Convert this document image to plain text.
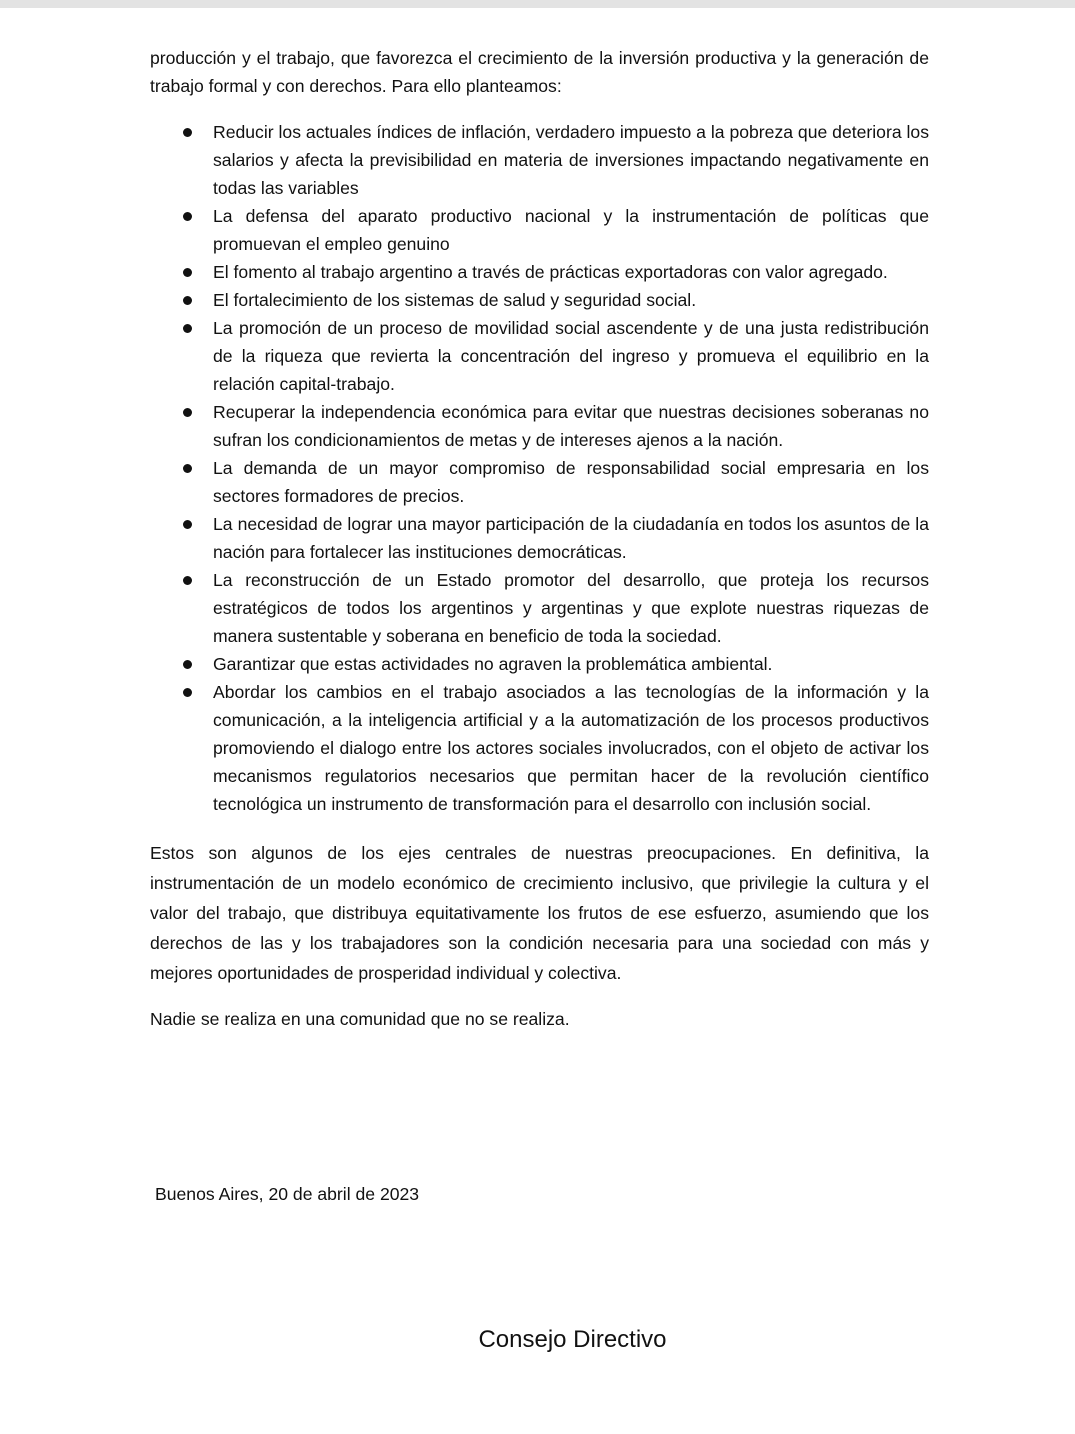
producción y el trabajo, que favorezca el crecimiento de la inversión productiva y la generación de trabajo formal y con derechos. Para ello planteamos:

Reducir los actuales índices de inflación, verdadero impuesto a la pobreza que deteriora los salarios y afecta la previsibilidad en materia de inversiones impactando negativamente en todas las variables
La defensa del aparato productivo nacional y la instrumentación de políticas que promuevan el empleo genuino
El fomento al trabajo argentino a través de prácticas exportadoras con valor agregado.
El fortalecimiento de los sistemas de salud y seguridad social.
La promoción de un proceso de movilidad social ascendente y de una justa redistribución de la riqueza que revierta la concentración del ingreso y promueva el equilibrio en la relación capital-trabajo.
Recuperar la independencia económica para evitar que nuestras decisiones soberanas no sufran los condicionamientos de metas y de intereses ajenos a la nación.
La demanda de un mayor compromiso de responsabilidad social empresaria en los sectores formadores de precios.
La necesidad de lograr una mayor participación de la ciudadanía en todos los asuntos de la nación para fortalecer las instituciones democráticas.
La reconstrucción de un Estado promotor del desarrollo, que proteja los recursos estratégicos de todos los argentinos y argentinas y que explote nuestras riquezas de manera sustentable y soberana en beneficio de toda la sociedad.
Garantizar que estas actividades no agraven la problemática ambiental.
Abordar los cambios en el trabajo asociados a las tecnologías de la información y la comunicación, a la inteligencia artificial y a la automatización de los procesos productivos promoviendo el dialogo entre los actores sociales involucrados, con el objeto de activar los mecanismos regulatorios necesarios que permitan hacer de la revolución científico tecnológica un instrumento de transformación para el desarrollo con inclusión social.

Estos son algunos de los ejes centrales de nuestras preocupaciones. En definitiva, la instrumentación de un modelo económico de crecimiento inclusivo, que privilegie la cultura y el valor del trabajo, que distribuya equitativamente los frutos de ese esfuerzo, asumiendo que los derechos de las y los trabajadores son la condición necesaria para una sociedad con más y mejores oportunidades de prosperidad individual y colectiva.

Nadie se realiza en una comunidad que no se realiza.

Buenos Aires, 20 de abril de 2023

Consejo Directivo
